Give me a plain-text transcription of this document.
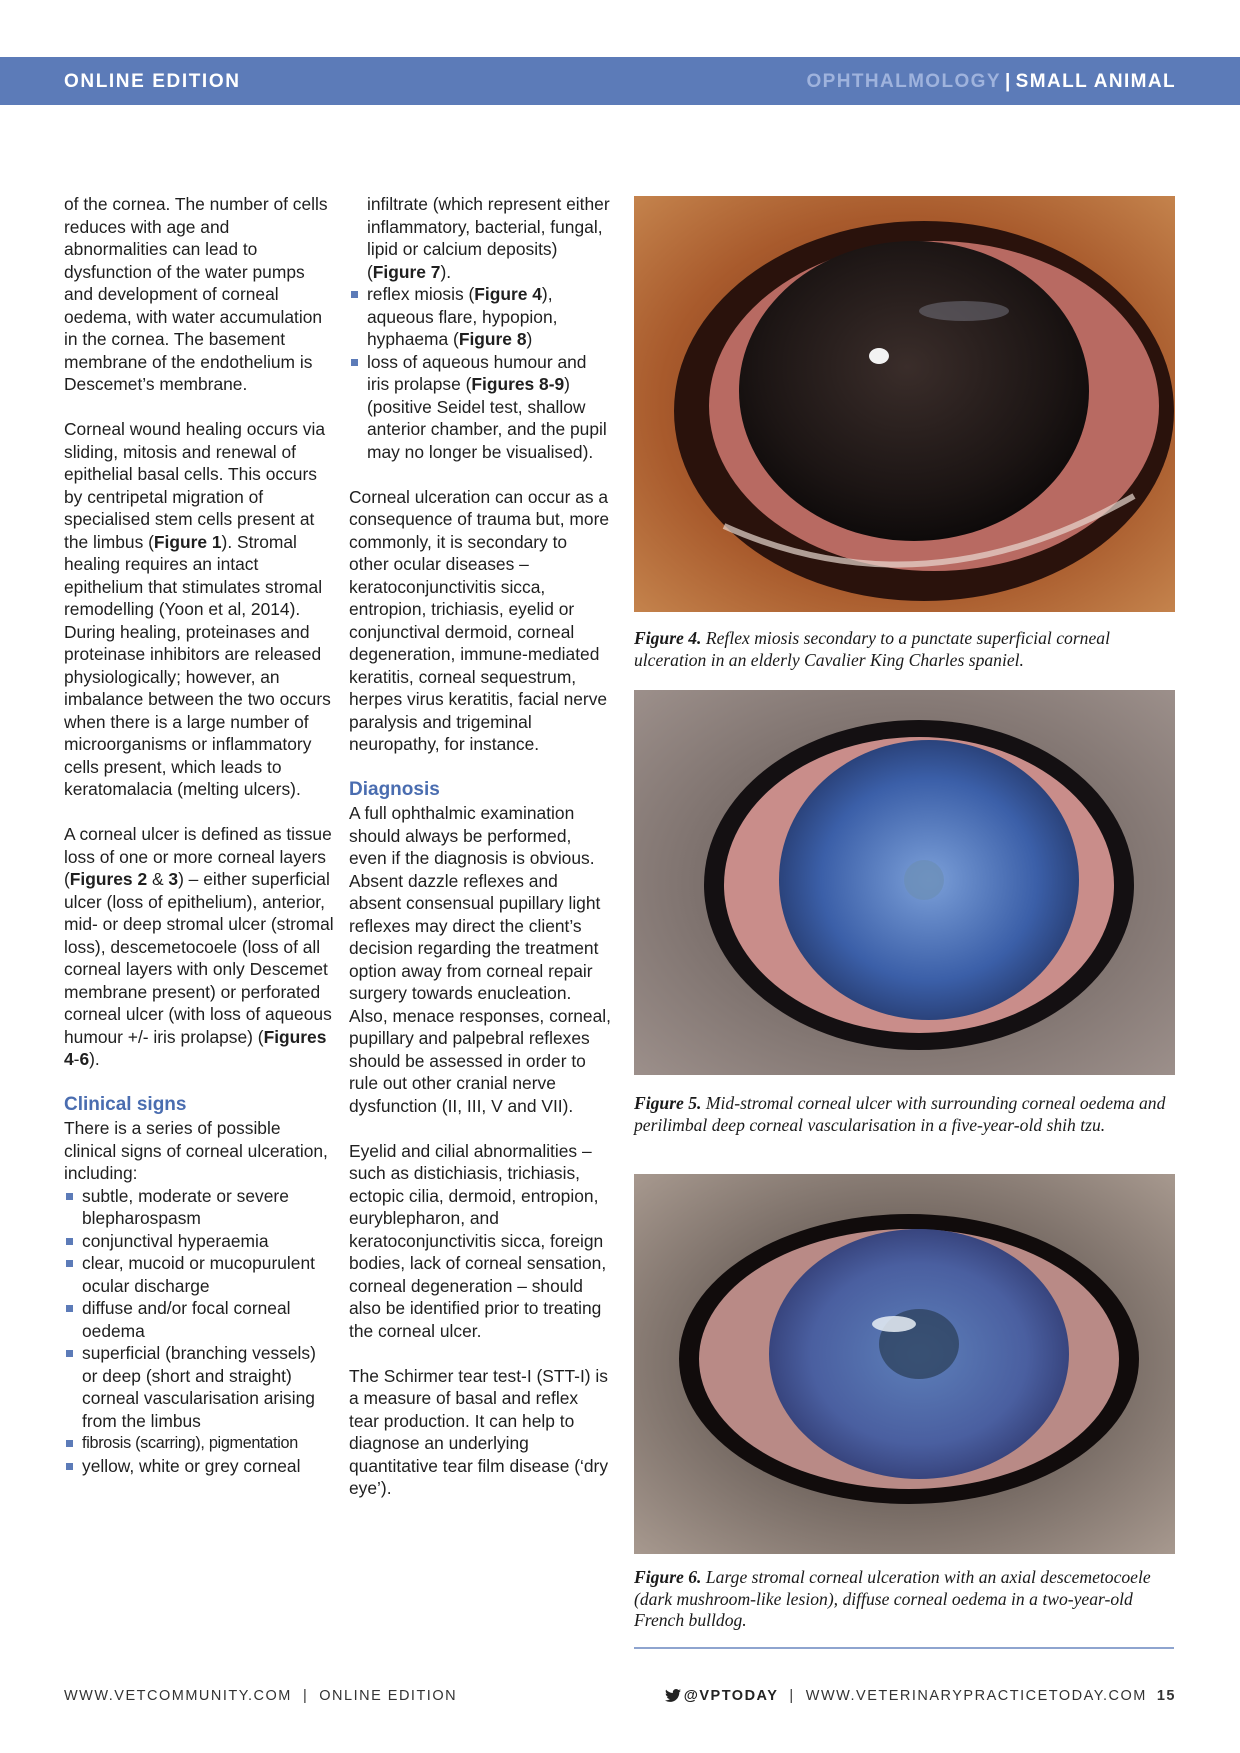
ONLINE EDITION	OPHTHALMOLOGY | SMALL ANIMAL

of the cornea. The number of cells reduces with age and abnormalities can lead to dysfunction of the water pumps and development of corneal oedema, with water accumulation in the cornea. The basement membrane of the endothelium is Descemet’s membrane.

Corneal wound healing occurs via sliding, mitosis and renewal of epithelial basal cells. This occurs by centripetal migration of specialised stem cells present at the limbus (Figure 1). Stromal healing requires an intact epithelium that stimulates stromal remodelling (Yoon et al, 2014). During healing, proteinases and proteinase inhibitors are released physiologically; however, an imbalance between the two occurs when there is a large number of microorganisms or inflammatory cells present, which leads to keratomalacia (melting ulcers).

A corneal ulcer is defined as tissue loss of one or more corneal layers (Figures 2 & 3) – either superficial ulcer (loss of epithelium), anterior, mid- or deep stromal ulcer (stromal loss), descemetocoele (loss of all corneal layers with only Descemet membrane present) or perforated corneal ulcer (with loss of aqueous humour +/- iris prolapse) (Figures 4-6).

Clinical signs
There is a series of possible clinical signs of corneal ulceration, including:
subtle, moderate or severe blepharospasm
conjunctival hyperaemia
clear, mucoid or mucopurulent ocular discharge
diffuse and/or focal corneal oedema
superficial (branching vessels) or deep (short and straight) corneal vascularisation arising from the limbus
fibrosis (scarring), pigmentation
yellow, white or grey corneal
infiltrate (which represent either inflammatory, bacterial, fungal, lipid or calcium deposits) (Figure 7).
reflex miosis (Figure 4), aqueous flare, hypopion, hyphaema (Figure 8)
loss of aqueous humour and iris prolapse (Figures 8-9) (positive Seidel test, shallow anterior chamber, and the pupil may no longer be visualised).

Corneal ulceration can occur as a consequence of trauma but, more commonly, it is secondary to other ocular diseases – keratoconjunctivitis sicca, entropion, trichiasis, eyelid or conjunctival dermoid, corneal degeneration, immune-mediated keratitis, corneal sequestrum, herpes virus keratitis, facial nerve paralysis and trigeminal neuropathy, for instance.

Diagnosis

A full ophthalmic examination should always be performed, even if the diagnosis is obvious. Absent dazzle reflexes and absent consensual pupillary light reflexes may direct the client’s decision regarding the treatment option away from corneal repair surgery towards enucleation. Also, menace responses, corneal, pupillary and palpebral reflexes should be assessed in order to rule out other cranial nerve dysfunction (II, III, V and VII).

Eyelid and cilial abnormalities – such as distichiasis, trichiasis, ectopic cilia, dermoid, entropion, euryblepharon, and keratoconjunctivitis sicca, foreign bodies, lack of corneal sensation, corneal degeneration – should also be identified prior to treating the corneal ulcer.

The Schirmer tear test-I (STT-I) is a measure of basal and reflex tear production. It can help to diagnose an underlying quantitative tear film disease (‘dry eye’).

Figure 4. Reflex miosis secondary to a punctate superficial corneal ulceration in an elderly Cavalier King Charles spaniel.
Figure 5. Mid-stromal corneal ulcer with surrounding corneal oedema and perilimbal deep corneal vascularisation in a five-year-old shih tzu.
Figure 6. Large stromal corneal ulceration with an axial descemetocoele (dark mushroom-like lesion), diffuse corneal oedema in a two-year-old French bulldog.
WWW.VETCOMMUNITY.COM  |  ONLINE EDITION	@VPTODAY  |  WWW.VETERINARYPRACTICETODAY.COM 15
